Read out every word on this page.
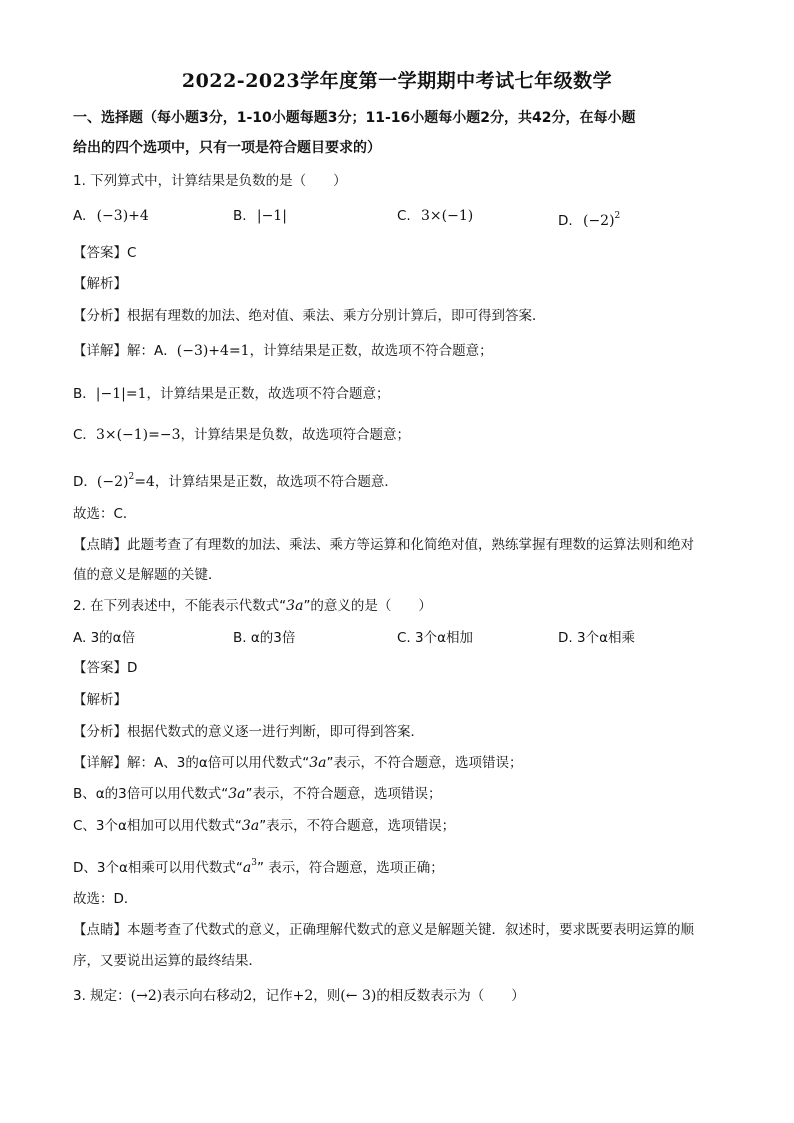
2022-2023学年度第一学期期中考试七年级数学
一、选择题（每小题3分，1-10小题每题3分；11-16小题每小题2分，共42分，在每小题
给出的四个选项中，只有一项是符合题目要求的）
1. 下列算式中，计算结果是负数的是（　　）
A. (−3)+4	B. |−1|	C. 3×(−1)	D. $(-2)^2$
【答案】C
【解析】
【分析】根据有理数的加法、绝对值、乘法、乘方分别计算后，即可得到答案．
【详解】解：A．(−3)+4=1，计算结果是正数，故选项不符合题意；
B．|−1|=1，计算结果是正数，故选项不符合题意；
C．3×(−1)=−3，计算结果是负数，故选项符合题意；
D．$(-2)^2=4$，计算结果是正数，故选项不符合题意．
故选：C．
【点睛】此题考查了有理数的加法、乘法、乘方等运算和化简绝对值，熟练掌握有理数的运算法则和绝对
值的意义是解题的关键．
2. 在下列表述中，不能表示代数式“3a”的意义的是（　　）
A. 3的α倍	B. α的3倍	C. 3个α相加	D. 3个α相乘
【答案】D
【解析】
【分析】根据代数式的意义逐一进行判断，即可得到答案．
【详解】解：A、3的α倍可以用代数式“3a”表示，不符合题意，选项错误；
B、α的3倍可以用代数式“3a”表示，不符合题意，选项错误；
C、3个α相加可以用代数式“3a”表示，不符合题意，选项错误；
D、3个α相乘可以用代数式“$a^3$” 表示，符合题意，选项正确；
故选：D．
【点睛】本题考查了代数式的意义，正确理解代数式的意义是解题关键．叙述时，要求既要表明运算的顺
序，又要说出运算的最终结果．
3. 规定：(→2)表示向右移动2，记作+2，则(← 3)的相反数表示为（　　）
